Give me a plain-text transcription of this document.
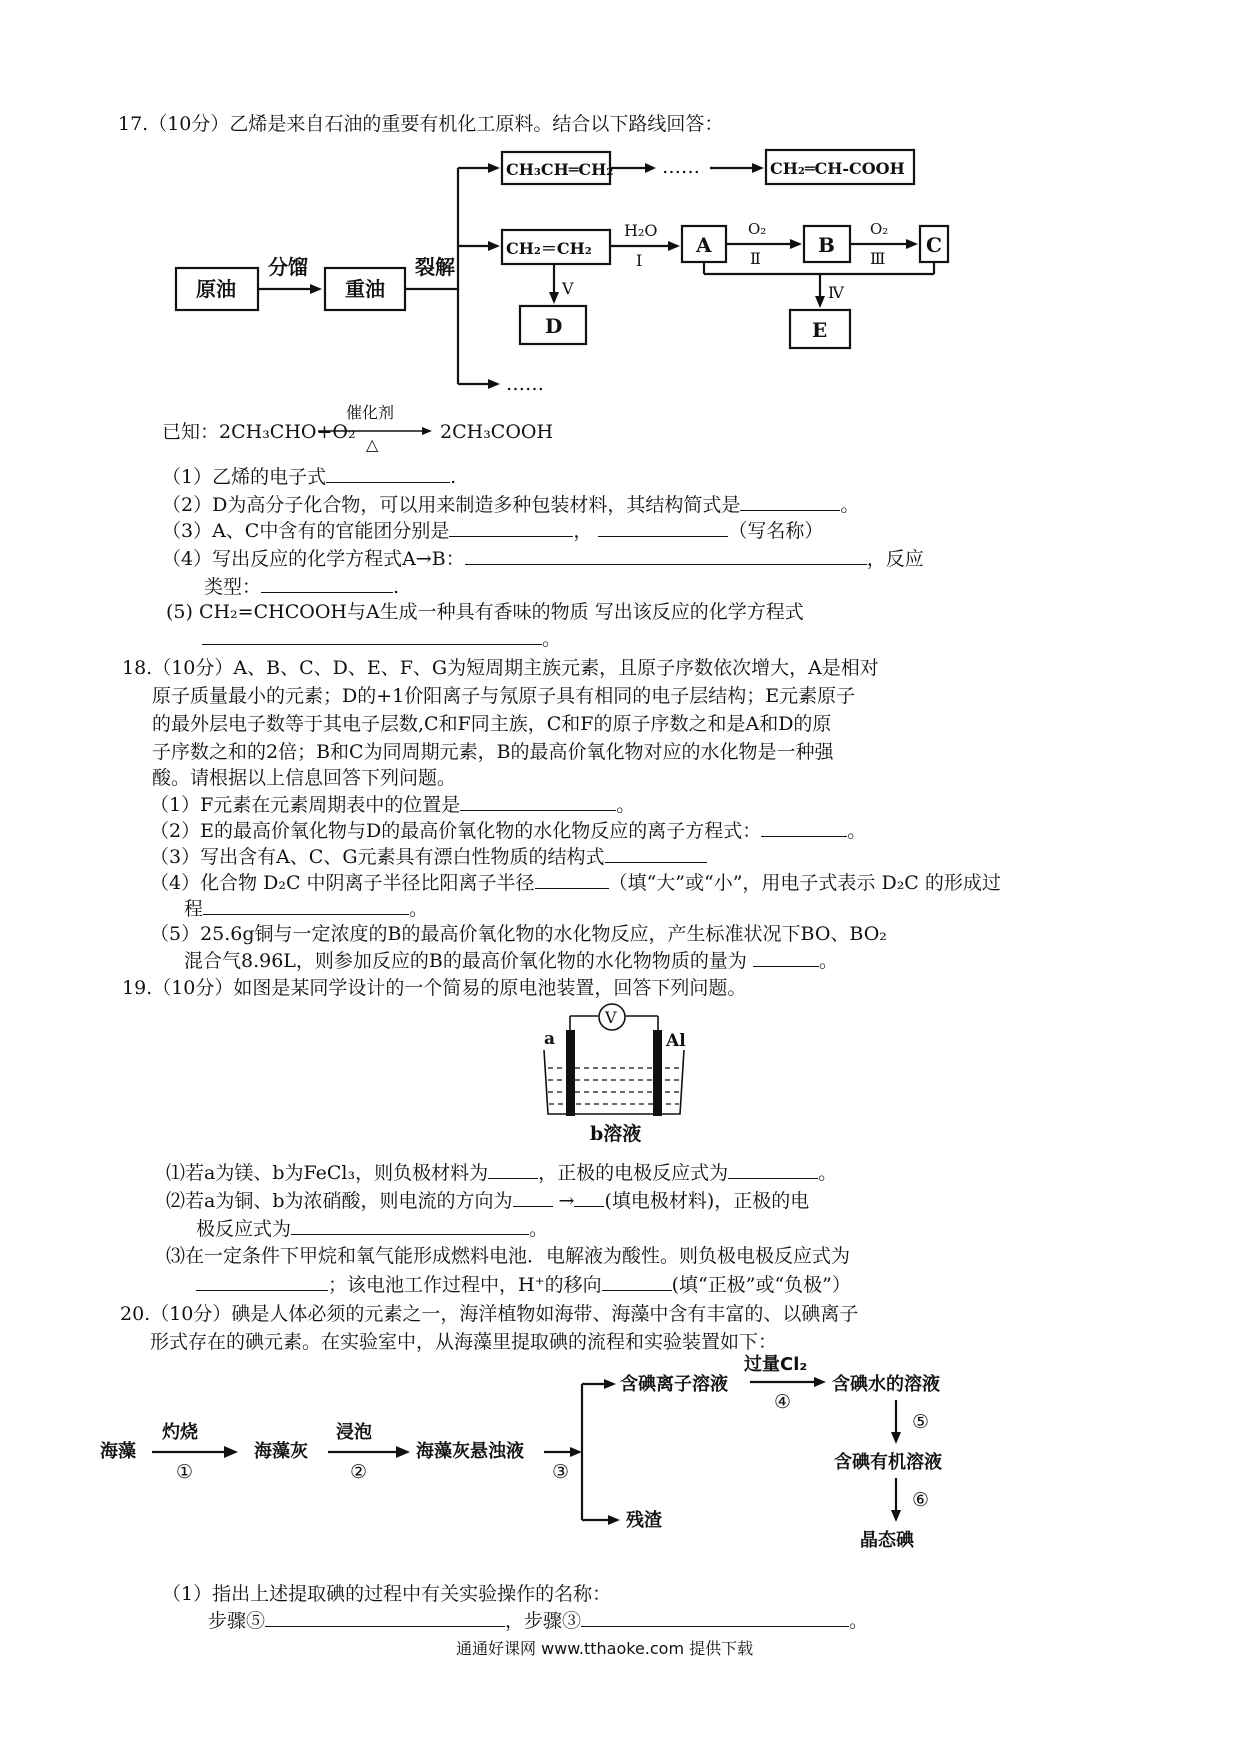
17.（10分）乙烯是来自石油的重要有机化工原料。结合以下路线回答：
原油
分馏
重油
裂解
……
CH₃CH═CH₂	……	CH₂═CH-COOH
CH₂＝CH₂
H₂O
Ⅰ
A
O₂
Ⅱ
B
O₂
Ⅲ
C
Ⅴ
D
Ⅳ
E
已知：2CH₃CHO+O₂
催化剂
△
2CH₃COOH
（1）乙烯的电子式	.
（2）D为高分子化合物，可以用来制造多种包装材料，其结构简式是	。
（3）A、C中含有的官能团分别是	，	（写名称）
（4）写出反应的化学方程式A→B：	，反应
类型：	.
(5) CH₂=CHCOOH与A生成一种具有香味的物质 写出该反应的化学方程式
。
18.（10分）A、B、C、D、E、F、G为短周期主族元素，且原子序数依次增大，A是相对
原子质量最小的元素；D的+1价阳离子与氖原子具有相同的电子层结构；E元素原子
的最外层电子数等于其电子层数,C和F同主族，C和F的原子序数之和是A和D的原
子序数之和的2倍；B和C为同周期元素，B的最高价氧化物对应的水化物是一种强
酸。请根据以上信息回答下列问题。
（1）F元素在元素周期表中的位置是	。
（2）E的最高价氧化物与D的最高价氧化物的水化物反应的离子方程式：	。
（3）写出含有A、C、G元素具有漂白性物质的结构式
（4）化合物 D₂C 中阴离子半径比阳离子半径	（填“大”或“小”，用电子式表示 D₂C 的形成过
程	。
（5）25.6g铜与一定浓度的B的最高价氧化物的水化物反应，产生标准状况下BO、BO₂
混合气8.96L，则参加反应的B的最高价氧化物的水化物物质的量为	。
19.（10分）如图是某同学设计的一个简易的原电池装置，回答下列问题。
V
a	Al
b溶液
⑴若a为镁、b为FeCl₃，则负极材料为	，正极的电极反应式为	。
⑵若a为铜、b为浓硝酸，则电流的方向为 → (填电极材料)，正极的电
极反应式为	。
⑶在一定条件下甲烷和氧气能形成燃料电池．电解液为酸性。则负极电极反应式为
；该电池工作过程中，H⁺的移向	(填“正极”或“负极”）
20.（10分）碘是人体必须的元素之一，海洋植物如海带、海藻中含有丰富的、以碘离子
形式存在的碘元素。在实验室中，从海藻里提取碘的流程和实验装置如下：
海藻
灼烧
①
海藻灰
浸泡
②
海藻灰悬浊液
③
残渣
含碘离子溶液
过量Cl₂
④
含碘水的溶液
⑤
含碘有机溶液
⑥
晶态碘
（1）指出上述提取碘的过程中有关实验操作的名称：
步骤⑤	，步骤③	。
通通好课网 www.tthaoke.com 提供下载
